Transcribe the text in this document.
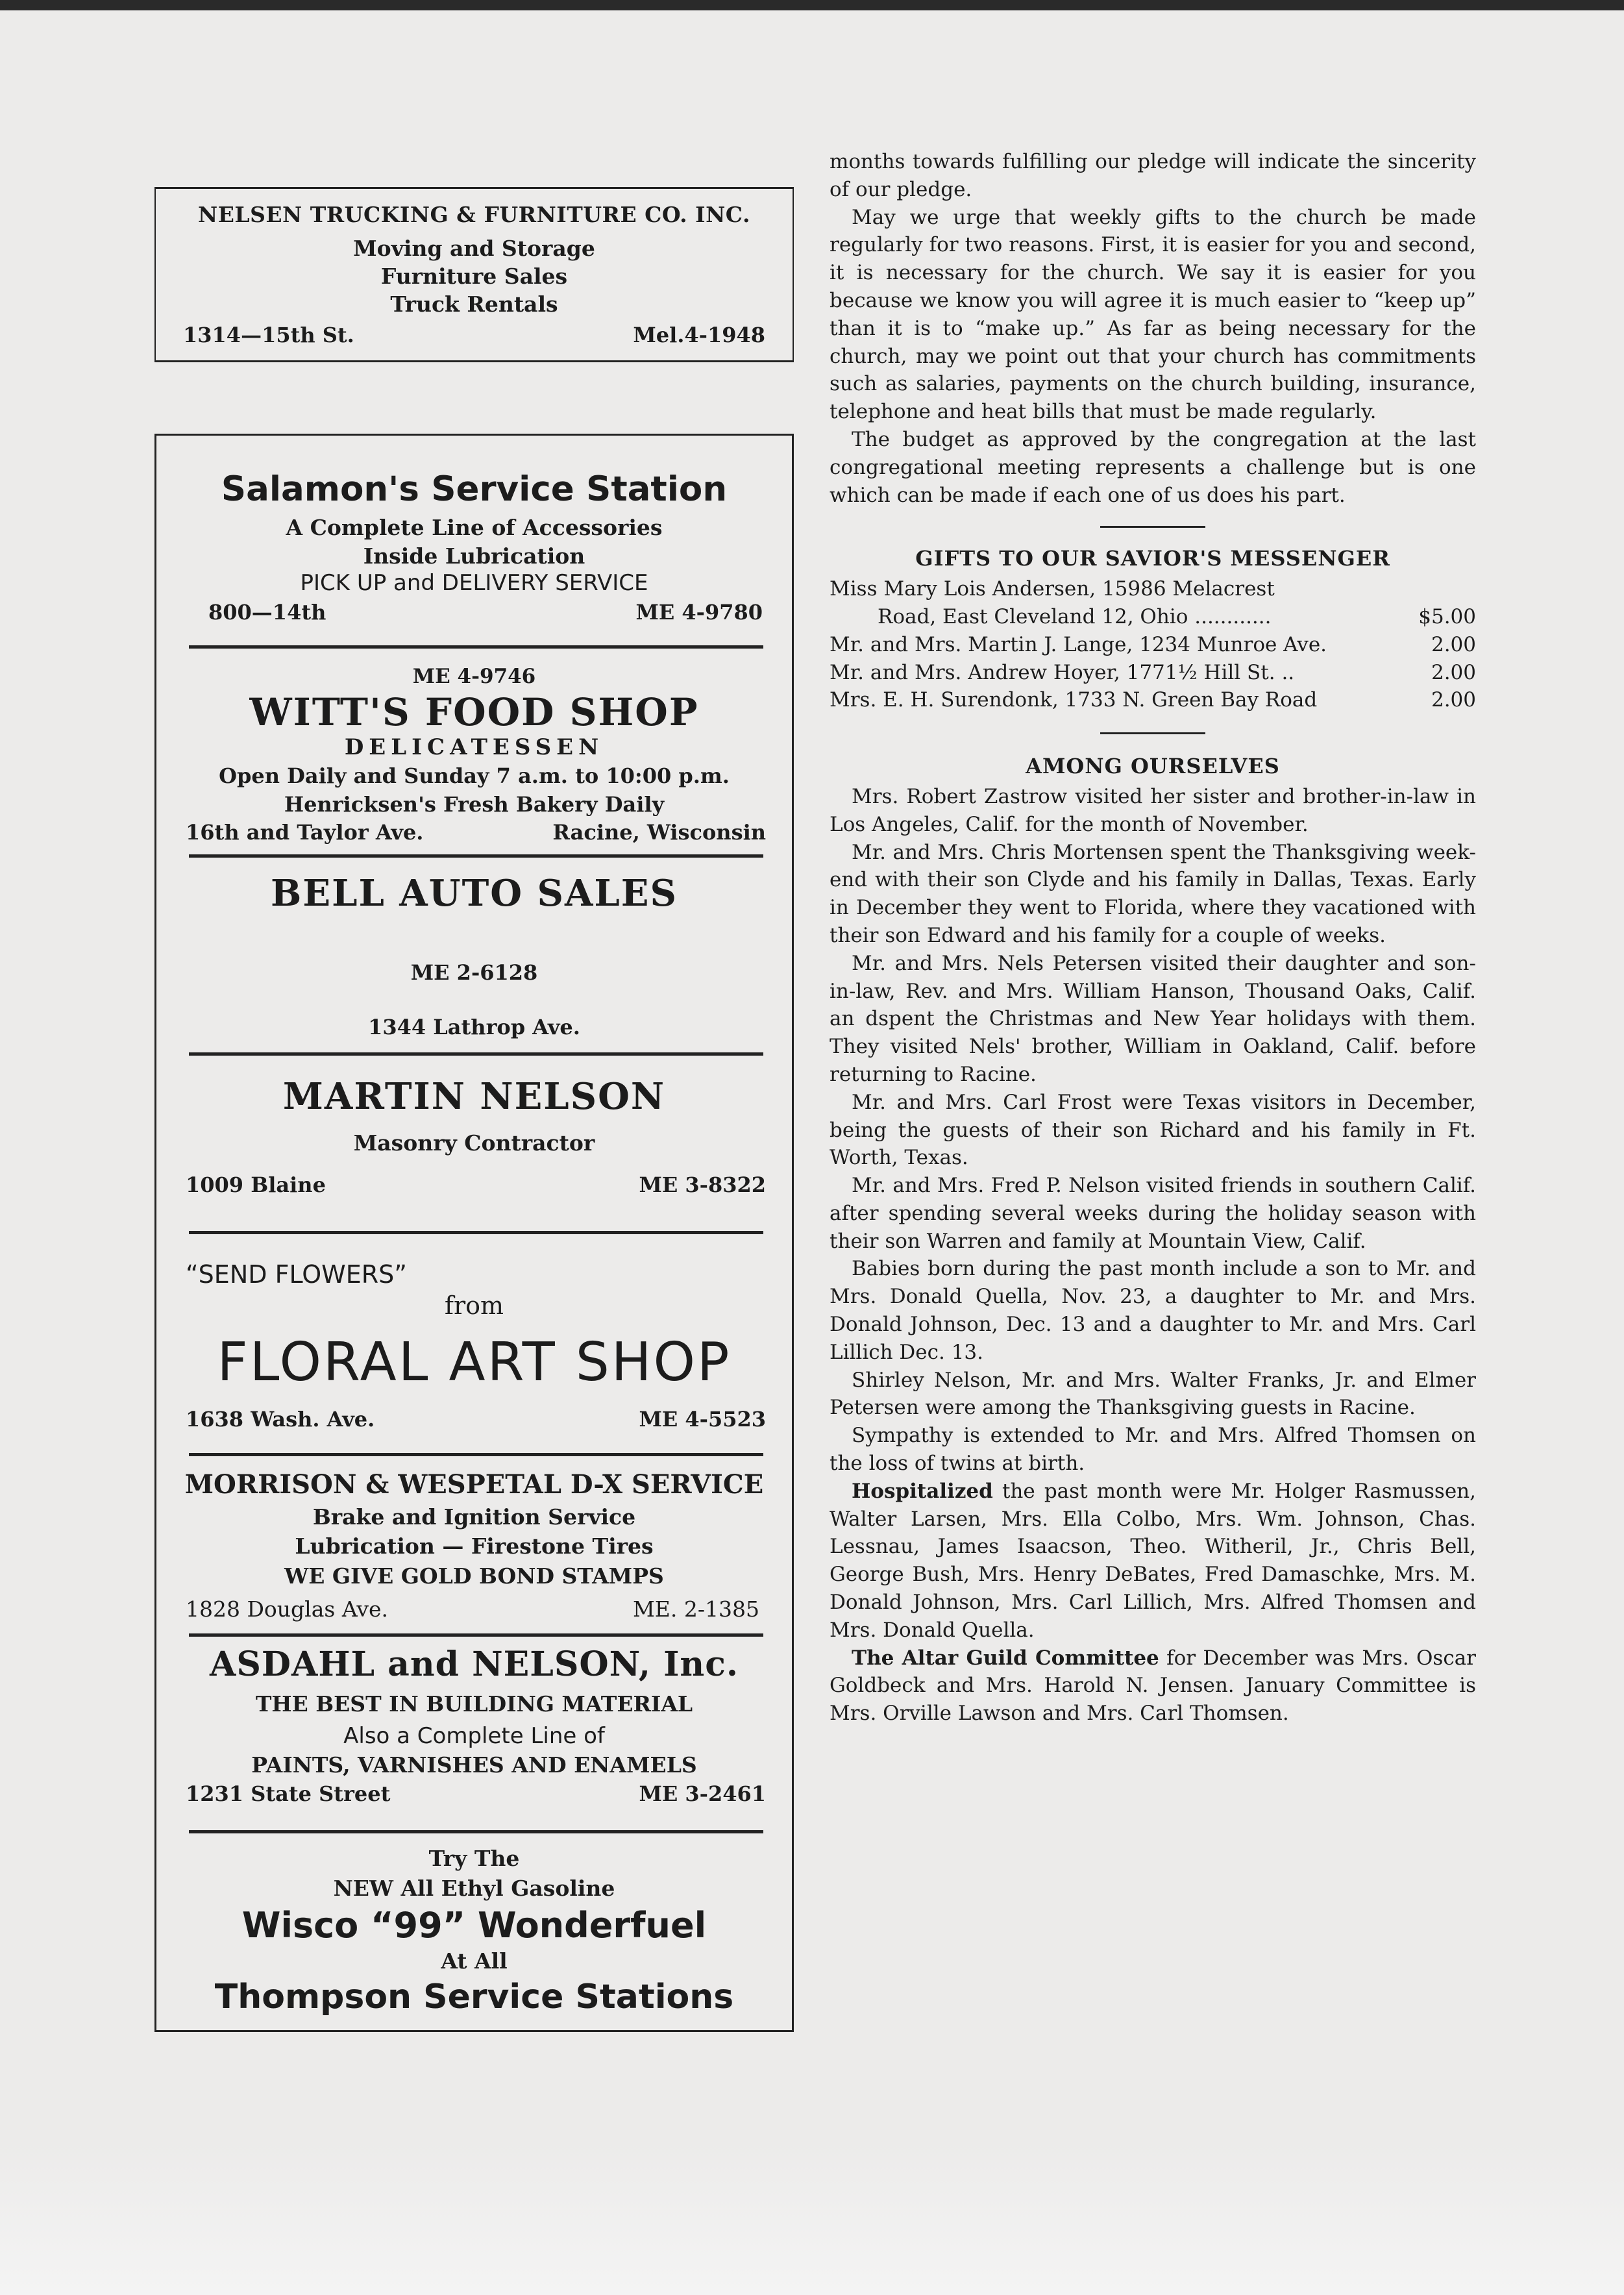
NELSEN TRUCKING & FURNITURE CO. INC.
Moving and Storage
Furniture Sales
Truck Rentals
1314—15th St.	Mel.4-1948
Salamon's Service Station
A Complete Line of Accessories
Inside Lubrication
PICK UP and DELIVERY SERVICE
800—14th	ME 4-9780
ME 4-9746
WITT'S FOOD SHOP
DELICATESSEN
Open Daily and Sunday 7 a.m. to 10:00 p.m.
Henricksen's Fresh Bakery Daily
16th and Taylor Ave.	Racine, Wisconsin
BELL AUTO SALES
ME 2-6128
1344 Lathrop Ave.
MARTIN NELSON
Masonry Contractor
1009 Blaine	ME 3-8322
“SEND FLOWERS”
from
FLORAL ART SHOP
1638 Wash. Ave.	ME 4-5523
MORRISON & WESPETAL D-X SERVICE
Brake and Ignition Service
Lubrication — Firestone Tires
WE GIVE GOLD BOND STAMPS
1828 Douglas Ave.	ME. 2-1385
ASDAHL and NELSON, Inc.
THE BEST IN BUILDING MATERIAL
Also a Complete Line of
PAINTS, VARNISHES AND ENAMELS
1231 State Street	ME 3-2461
Try The
NEW All Ethyl Gasoline
Wisco “99” Wonderfuel
At All
Thompson Service Stations

months towards fulfilling our pledge will indicate the sincerity of our pledge.

May we urge that weekly gifts to the church be made regularly for two reasons. First, it is easier for you and second, it is necessary for the church. We say it is easier for you because we know you will agree it is much easier to “keep up” than it is to “make up.” As far as being necessary for the church, may we point out that your church has commitments such as salaries, payments on the church building, insurance, telephone and heat bills that must be made regularly.

The budget as approved by the congregation at the last congregational meeting represents a challenge but is one which can be made if each one of us does his part.

GIFTS TO OUR SAVIOR'S MESSENGER
Miss Mary Lois Andersen, 15986 Melacrest
Road, East Cleveland 12, Ohio ............	$5.00
Mr. and Mrs. Martin J. Lange, 1234 Munroe Ave.	2.00
Mr. and Mrs. Andrew Hoyer, 1771½ Hill St. ..	2.00
Mrs. E. H. Surendonk, 1733 N. Green Bay Road	2.00
AMONG OURSELVES

Mrs. Robert Zastrow visited her sister and brother-in-law in Los Angeles, Calif. for the month of November.

Mr. and Mrs. Chris Mortensen spent the Thanksgiving week-end with their son Clyde and his family in Dallas, Texas. Early in December they went to Florida, where they vacationed with their son Edward and his family for a couple of weeks.

Mr. and Mrs. Nels Petersen visited their daughter and son-in-law, Rev. and Mrs. William Hanson, Thousand Oaks, Calif. an dspent the Christmas and New Year holidays with them. They visited Nels' brother, William in Oakland, Calif. before returning to Racine.

Mr. and Mrs. Carl Frost were Texas visitors in December, being the guests of their son Richard and his family in Ft. Worth, Texas.

Mr. and Mrs. Fred P. Nelson visited friends in southern Calif. after spending several weeks during the holiday season with their son Warren and family at Mountain View, Calif.

Babies born during the past month include a son to Mr. and Mrs. Donald Quella, Nov. 23, a daughter to Mr. and Mrs. Donald Johnson, Dec. 13 and a daughter to Mr. and Mrs. Carl Lillich Dec. 13.

Shirley Nelson, Mr. and Mrs. Walter Franks, Jr. and Elmer Petersen were among the Thanksgiving guests in Racine.

Sympathy is extended to Mr. and Mrs. Alfred Thomsen on the loss of twins at birth.

Hospitalized the past month were Mr. Holger Rasmussen, Walter Larsen, Mrs. Ella Colbo, Mrs. Wm. Johnson, Chas. Lessnau, James Isaacson, Theo. Witheril, Jr., Chris Bell, George Bush, Mrs. Henry DeBates, Fred Damaschke, Mrs. M. Donald Johnson, Mrs. Carl Lillich, Mrs. Alfred Thomsen and Mrs. Donald Quella.

The Altar Guild Committee for December was Mrs. Oscar Goldbeck and Mrs. Harold N. Jensen. January Committee is Mrs. Orville Lawson and Mrs. Carl Thomsen.
